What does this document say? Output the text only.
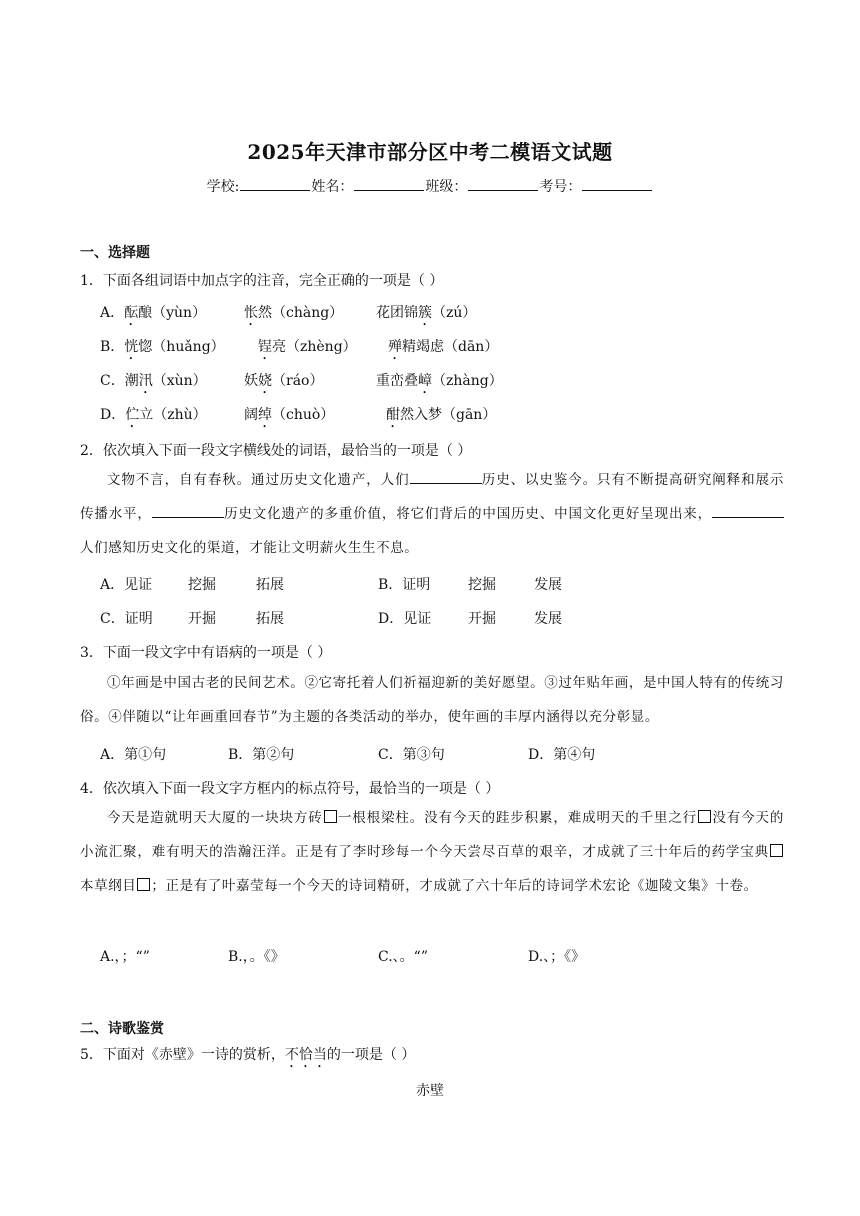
2025年天津市部分区中考二模语文试题
学校:	姓名：	班级：	考号：
一、选择题
1．下面各组词语中加点字的注音，完全正确的一项是（ ）
A．酝酿（yùn）	怅然（chàng） 花团锦簇（zú）
B．恍惚（huǎng） 锃亮（zhèng） 殚精竭虑（dān）
C．潮汛（xùn）	妖娆（ráo）	重峦叠嶂（zhàng）
D．伫立（zhù）	阔绰（chuò）	酣然入梦（gān）
2．依次填入下面一段文字横线处的词语，最恰当的一项是（ ）
文物不言，自有春秋。通过历史文化遗产，人们	历史、以史鉴今。只有不断提高研究阐释和展示传播水平，	历史文化遗产的多重价值，将它们背后的中国历史、中国文化更好呈现出来，人们感知历史文化的渠道，才能让文明薪火生生不息。
A．见证	挖掘	拓展	B．证明	挖掘	发展
C．证明	开掘	拓展	D．见证	开掘	发展
3．下面一段文字中有语病的一项是（ ）
①年画是中国古老的民间艺术。②它寄托着人们祈福迎新的美好愿望。③过年贴年画，是中国人特有的传统习俗。④伴随以“让年画重回春节”为主题的各类活动的举办，使年画的丰厚内涵得以充分彰显。
A．第①句	B．第②句	C．第③句	D．第④句
4．依次填入下面一段文字方框内的标点符号，最恰当的一项是（ ）
今天是造就明天大厦的一块块方砖 一根根梁柱。没有今天的跬步积累，难成明天的千里之行 没有今天的小流汇聚，难有明天的浩瀚汪洋。正是有了李时珍每一个今天尝尽百草的艰辛，才成就了三十年后的药学宝典本草纲目 ；正是有了叶嘉莹每一个今天的诗词精研，才成就了六十年后的诗词学术宏论《迦陵文集》十卷。
A.，；“”	B.，。《》	C.、。“”	D.、；《》
二、诗歌鉴赏
5．下面对《赤壁》一诗的赏析，不恰当的一项是（ ）
赤壁
